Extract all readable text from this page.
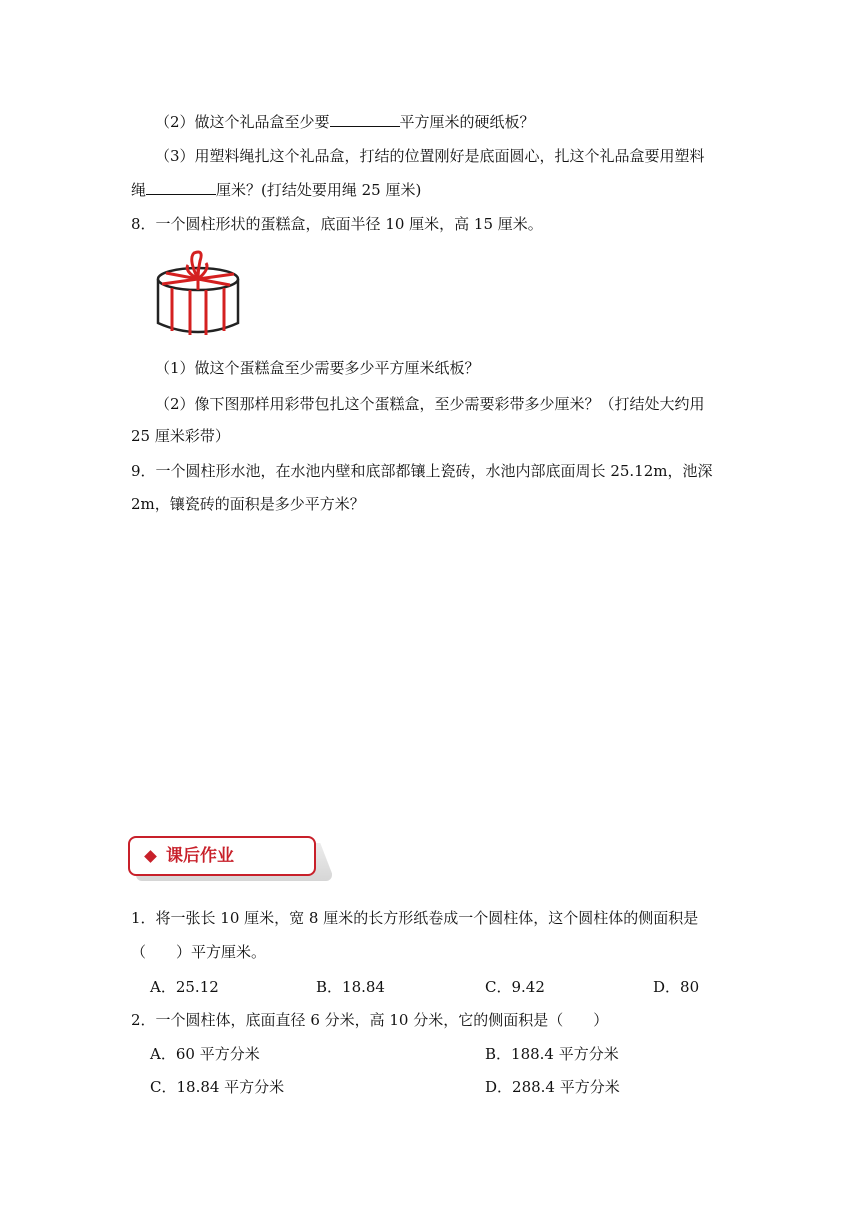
（2）做这个礼品盒至少要	平方厘米的硬纸板？
（3）用塑料绳扎这个礼品盒，打结的位置刚好是底面圆心，扎这个礼品盒要用塑料
绳	厘米？(打结处要用绳 25 厘米)
8．一个圆柱形状的蛋糕盒，底面半径 10 厘米，高 15 厘米。
（1）做这个蛋糕盒至少需要多少平方厘米纸板？
（2）像下图那样用彩带包扎这个蛋糕盒，至少需要彩带多少厘米？（打结处大约用
25 厘米彩带）
9．一个圆柱形水池，在水池内壁和底部都镶上瓷砖，水池内部底面周长 25.12m，池深
2m，镶瓷砖的面积是多少平方米？
课后作业
1．将一张长 10 厘米，宽 8 厘米的长方形纸卷成一个圆柱体，这个圆柱体的侧面积是
（　　）平方厘米。
A．25.12	B．18.84	C．9.42	D．80
2．一个圆柱体，底面直径 6 分米，高 10 分米，它的侧面积是（　　）
A．60 平方分米	B．188.4 平方分米
C．18.84 平方分米	D．288.4 平方分米
